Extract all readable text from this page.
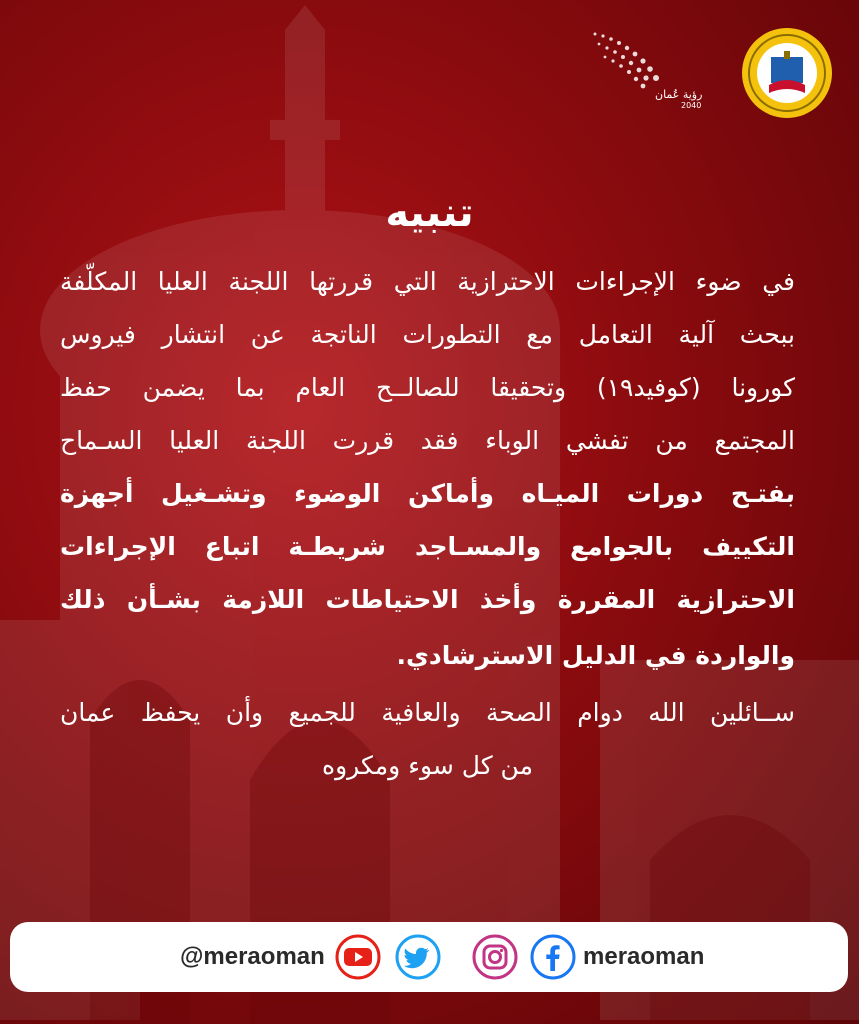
رؤية عُمان
2040
تنبيه
في ضوء الإجراءات الاحترازية التي قررتها اللجنة العليا المكلّفة
ببحث آلية التعامل مع التطورات الناتجة عن انتشار فيروس
كورونا (كوفيد١٩) وتحقيقا للصالــح العام بما يضمن حفظ
المجتمع من تفشي الوباء فقد قررت اللجنة العليا السـماح
بفتـح دورات الميـاه وأماكن الوضوء وتشـغيل أجهزة
التكييف بالجوامع والمسـاجد شريطـة اتباع الإجراءات
الاحترازية المقررة وأخذ الاحتياطات اللازمة بشـأن ذلك
والواردة في الدليل الاسترشادي.
ســائلين الله دوام الصحة والعافية للجميع وأن يحفظ عمان
من كل سوء ومكروه
@meraoman	meraoman
